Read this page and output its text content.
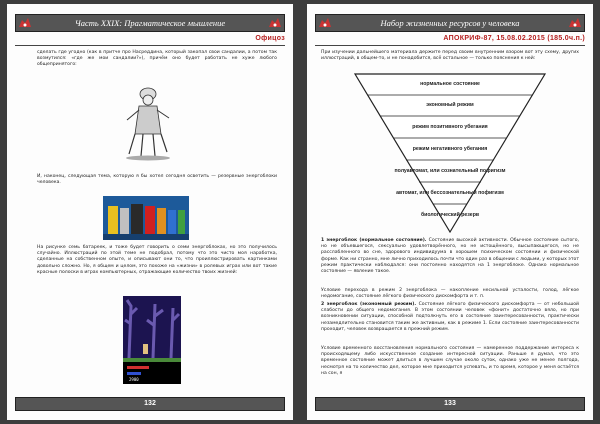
Часть XXIX: Прагматическое мышление
Офицоз
сделать где угодно (как в притче про Насреддина, который закопал свои сандалии, а потом так возмутился: «где же мои сандалии?»), причём оно будет работать не хуже любого общепринятого:
И, наконец, следующая тема, которую я бы хотел сегодня осветить — резервные энергоблоки человека.
На рисунке семь батареек, и тоже будет говорить о семи энергоблоках, но это получилось случайно. Иллюстраций по этой теме не подобрал, потому что это чисто моя наработка, сделанные на собственном опыте, и описывают они то, что проиллюстрировать картинками довольно сложно. Но, я общем и целом, это похоже на «жизни» в ролевых играх или вот такие красные полоски в играх компьютерных, отражающие количество твоих жизней:
2900
132
Набор жизненных ресурсов у человека
АПОКРИФ-87, 15.08.02.2015 (185.0ч.п.)
При изучении дальнейшего материала держите перед своим внутренним взором вот эту схему, других иллюстраций, в общем-то, и не понадобится, всё остальное — только пояснения к ней:
нормальное состояние
экономный режим
режим позитивного убегания
режим негативного убегания
полуавтомат, или сознательный пофигизм
автомат, или бессознательный пофигизм
биологический резерв
1 энергоблок (нормальное состояние). Состояние высокой активности. Обычное состояние сытого, но не объевшегося, сексуально удовлетворённого, но не истощённого, высыпающегося, но не расслабленного во сне, здорового индивидуума в хорошем психическом состоянии и физической форме. Как ни странно, мне лично приходилось почти что один раз в общении с людьми, у которых этот режим практически наблюдался: они постоянно находятся на 1 энергоблоке. Однако нормальное состояние — явление такое.
Условие перехода в режим 2 энергоблока — накопление несильной усталости, голод, лёгкое недомогание, состояние лёгкого физического дискомфорта и т. п.
2 энергоблок (экономный режим). Состояние лёгкого физического дискомфорта — от небольшой слабости до общего недомогания. В этом состоянии человек «фонит» достаточно вяло, но при возникновении ситуации, способной подтолкнуть его в состояние заинтересованности, практически незамедлительно становится таким же активным, как в режиме 1. Если состояние заинтересованности проходит, человек возвращается в прежний режим.
Условие временного восстановления нормального состояния — намеренное поддержание интереса к происходящему либо искусственное создание интересной ситуации. Раньше я думал, что это временное состояние может длиться в лучшем случае около суток, однако уже не менее полгода, несмотря на то количество дел, которое мне приходится успевать, и то время, которое у меня остаётся на сон, я
133
